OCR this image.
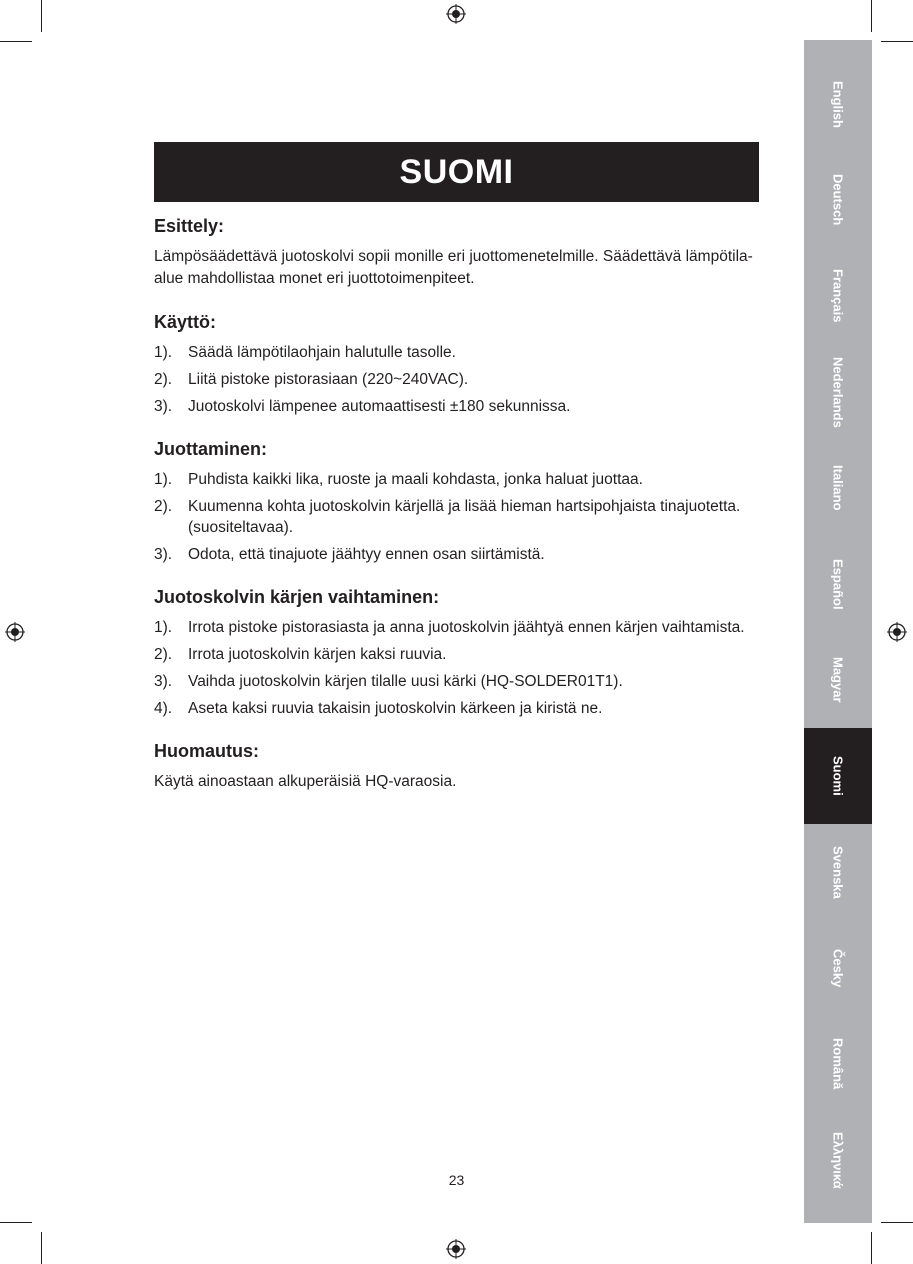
SUOMI
Esittely:

Lämpösäädettävä juotoskolvi sopii monille eri juottomenetelmille. Säädettävä lämpötila-alue mahdollistaa monet eri juottotoimenpiteet.

Käyttö:
1).	Säädä lämpötilaohjain halutulle tasolle.
2).	Liitä pistoke pistorasiaan (220~240VAC).
3).	Juotoskolvi lämpenee automaattisesti ±180 sekunnissa.
Juottaminen:
1).	Puhdista kaikki lika, ruoste ja maali kohdasta, jonka haluat juottaa.
2).	Kuumenna kohta juotoskolvin kärjellä ja lisää hieman hartsipohjaista tinajuotetta. (suositeltavaa).
3).	Odota, että tinajuote jäähtyy ennen osan siirtämistä.
Juotoskolvin kärjen vaihtaminen:
1).	Irrota pistoke pistorasiasta ja anna juotoskolvin jäähtyä ennen kärjen vaihtamista.
2).	Irrota juotoskolvin kärjen kaksi ruuvia.
3).	Vaihda juotoskolvin kärjen tilalle uusi kärki (HQ-SOLDER01T1).
4).	Aseta kaksi ruuvia takaisin juotoskolvin kärkeen ja kiristä ne.
Huomautus:

Käytä ainoastaan alkuperäisiä HQ-varaosia.

23
English
Deutsch
Français
Nederlands
Italiano
Español
Magyar
Suomi
Svenska
Česky
Română
Ελληνικά
